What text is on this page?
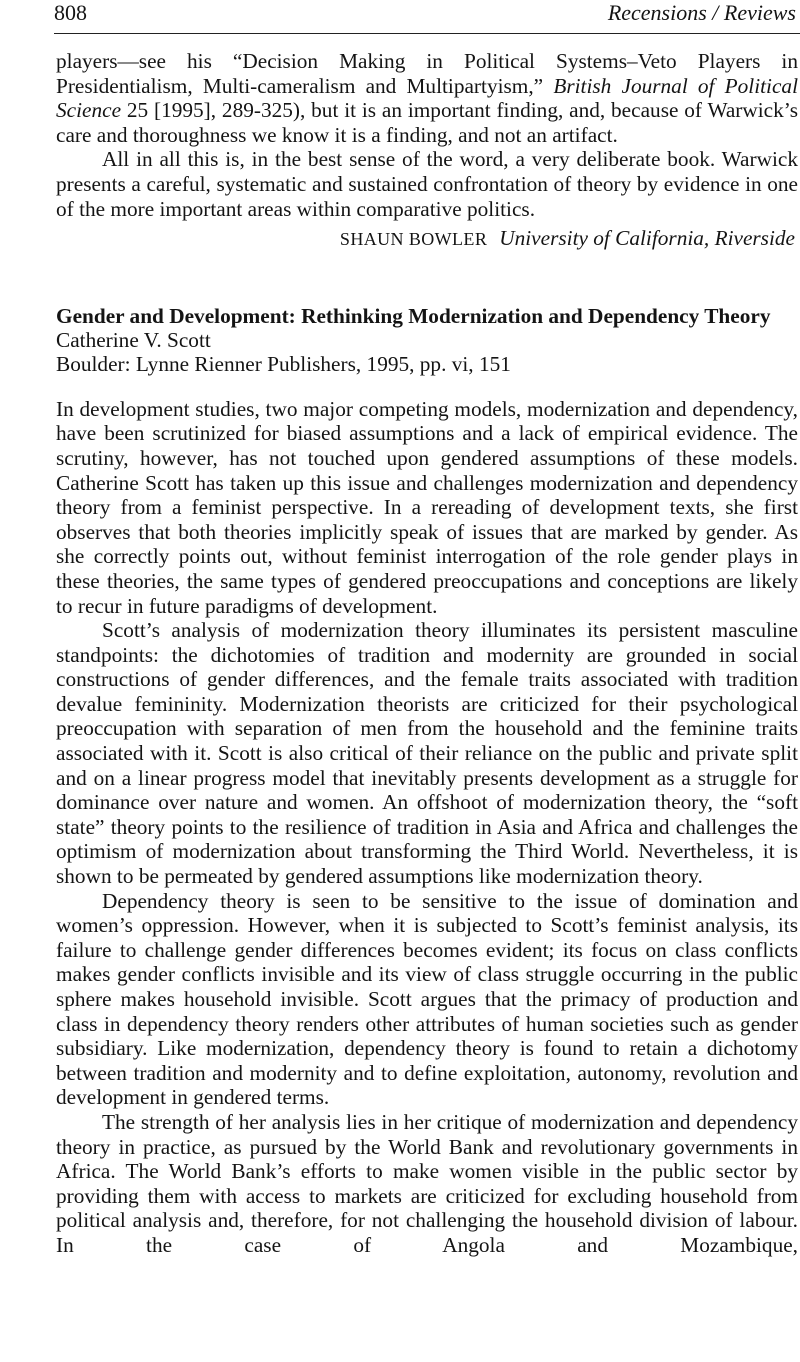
808	Recensions / Reviews

players—see his “Decision Making in Political Systems–Veto Players in Presidentialism, Multi-cameralism and Multipartyism,” British Journal of Political Science 25 [1995], 289-325), but it is an important finding, and, because of Warwick’s care and thoroughness we know it is a finding, and not an artifact.

All in all this is, in the best sense of the word, a very deliberate book. Warwick presents a careful, systematic and sustained confrontation of theory by evidence in one of the more important areas within comparative politics.

SHAUN BOWLER University of California, Riverside
Gender and Development: Rethinking Modernization and Dependency Theory
Catherine V. Scott
Boulder: Lynne Rienner Publishers, 1995, pp. vi, 151

In development studies, two major competing models, modernization and dependency, have been scrutinized for biased assumptions and a lack of empirical evidence. The scrutiny, however, has not touched upon gendered assumptions of these models. Catherine Scott has taken up this issue and challenges modernization and dependency theory from a feminist perspective. In a rereading of development texts, she first observes that both theories implicitly speak of issues that are marked by gender. As she correctly points out, without feminist interrogation of the role gender plays in these theories, the same types of gendered preoccupations and conceptions are likely to recur in future paradigms of development.

Scott’s analysis of modernization theory illuminates its persistent masculine standpoints: the dichotomies of tradition and modernity are grounded in social constructions of gender differences, and the female traits associated with tradition devalue femininity. Modernization theorists are criticized for their psychological preoccupation with separation of men from the household and the feminine traits associated with it. Scott is also critical of their reliance on the public and private split and on a linear progress model that inevitably presents development as a struggle for dominance over nature and women. An offshoot of modernization theory, the “soft state” theory points to the resilience of tradition in Asia and Africa and challenges the optimism of modernization about transforming the Third World. Nevertheless, it is shown to be permeated by gendered assumptions like modernization theory.

Dependency theory is seen to be sensitive to the issue of domination and women’s oppression. However, when it is subjected to Scott’s feminist analysis, its failure to challenge gender differences becomes evident; its focus on class conflicts makes gender conflicts invisible and its view of class struggle occurring in the public sphere makes household invisible. Scott argues that the primacy of production and class in dependency theory renders other attributes of human societies such as gender subsidiary. Like modernization, dependency theory is found to retain a dichotomy between tradition and modernity and to define exploitation, autonomy, revolution and development in gendered terms.

The strength of her analysis lies in her critique of modernization and dependency theory in practice, as pursued by the World Bank and revolutionary governments in Africa. The World Bank’s efforts to make women visible in the public sector by providing them with access to markets are criticized for excluding household from political analysis and, therefore, for not challenging the household division of labour. In the case of Angola and Mozambique,
